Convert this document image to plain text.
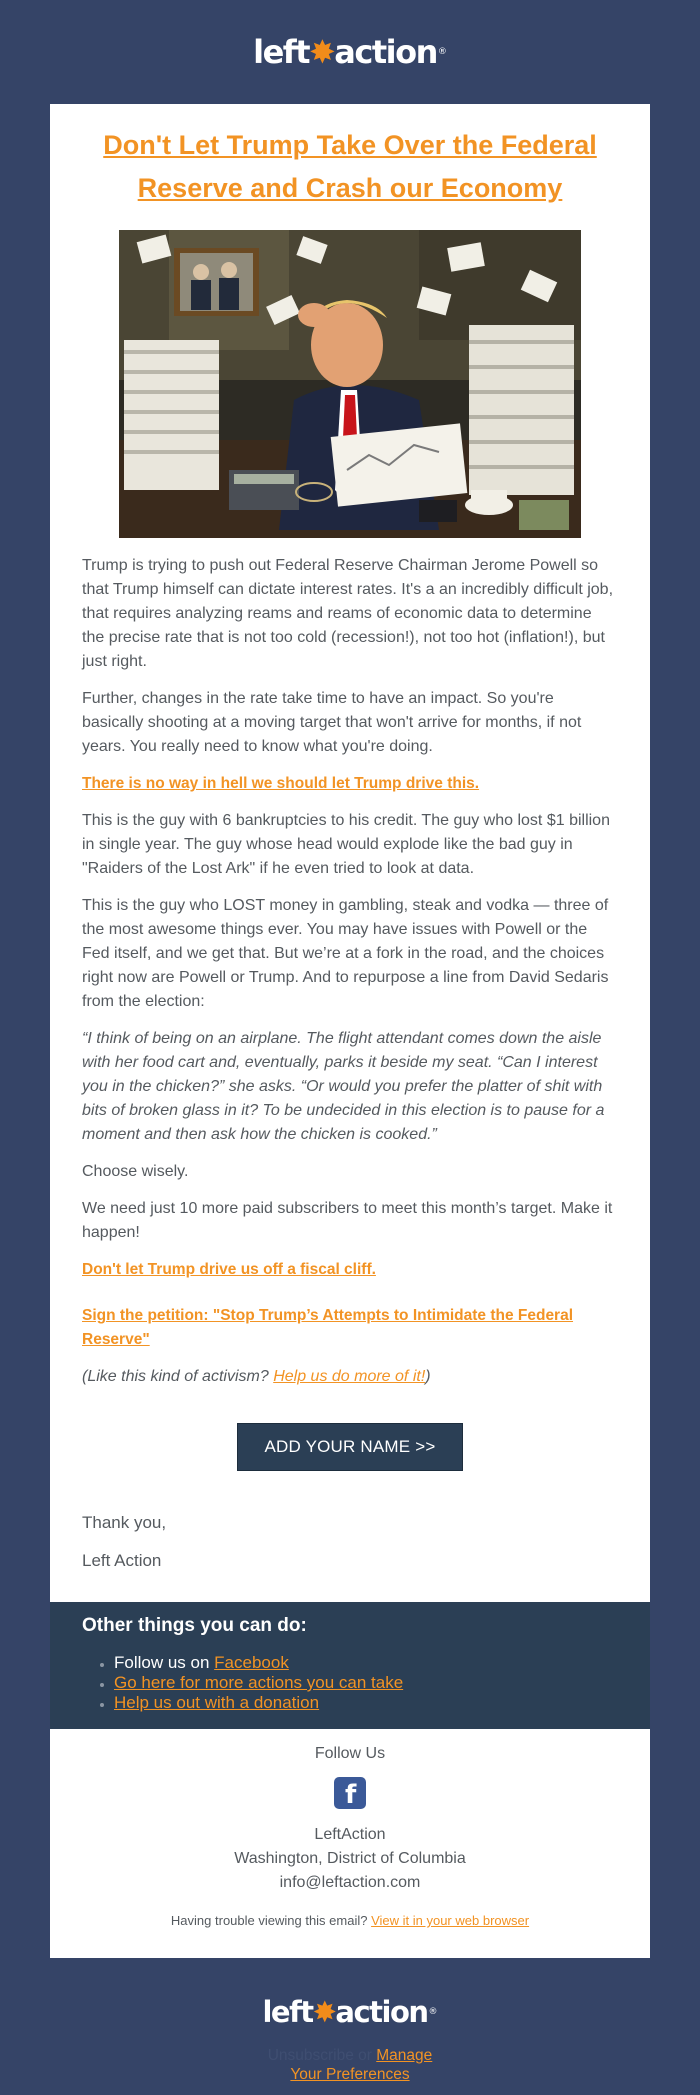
left ✸ action ®
Don't Let Trump Take Over the Federal Reserve and Crash our Economy

Trump is trying to push out Federal Reserve Chairman Jerome Powell so that Trump himself can dictate interest rates. It's a an incredibly difficult job, that requires analyzing reams and reams of economic data to determine the precise rate that is not too cold (recession!), not too hot (inflation!), but just right.

Further, changes in the rate take time to have an impact. So you're basically shooting at a moving target that won't arrive for months, if not years. You really need to know what you're doing.

There is no way in hell we should let Trump drive this.

This is the guy with 6 bankruptcies to his credit. The guy who lost $1 billion in single year. The guy whose head would explode like the bad guy in "Raiders of the Lost Ark" if he even tried to look at data.

This is the guy who LOST money in gambling, steak and vodka — three of the most awesome things ever. You may have issues with Powell or the Fed itself, and we get that. But we’re at a fork in the road, and the choices right now are Powell or Trump. And to repurpose a line from David Sedaris from the election:

“I think of being on an airplane. The flight attendant comes down the aisle with her food cart and, eventually, parks it beside my seat. “Can I interest you in the chicken?” she asks. “Or would you prefer the platter of shit with bits of broken glass in it? To be undecided in this election is to pause for a moment and then ask how the chicken is cooked.”

Choose wisely.

We need just 10 more paid subscribers to meet this month’s target. Make it happen!

Don't let Trump drive us off a fiscal cliff.

Sign the petition: "Stop Trump’s Attempts to Intimidate the Federal Reserve"

(Like this kind of activism? Help us do more of it!)

ADD YOUR NAME >>

Thank you,

Left Action

Other things you can do:
• Follow us on Facebook
• Go here for more actions you can take
• Help us out with a donation
Follow Us
f
LeftAction
Washington, District of Columbia
info@leftaction.com
Having trouble viewing this email? View it in your web browser
left ✸ action ®
Unsubscribe or Manage
Your Preferences
